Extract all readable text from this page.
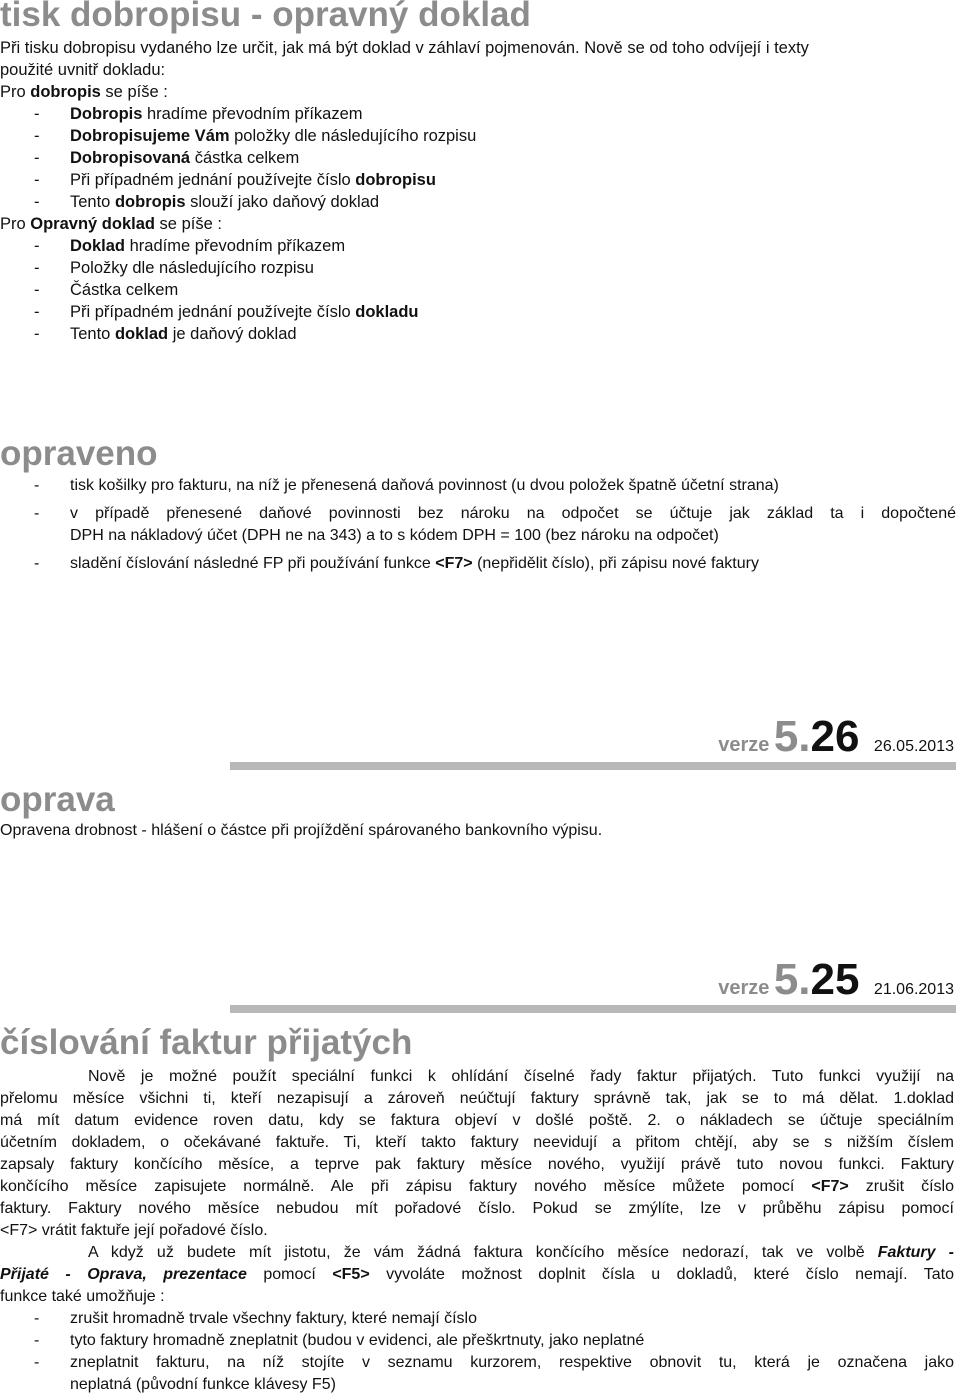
tisk dobropisu - opravný doklad
Při tisku dobropisu vydaného lze určit, jak má být doklad v záhlaví pojmenován. Nově se od toho odvíjejí i texty
použité uvnitř dokladu:
Pro dobropis se píše :
- Dobropis hradíme převodním příkazem
- Dobropisujeme Vám položky dle následujícího rozpisu
- Dobropisovaná částka celkem
- Při případném jednání používejte číslo dobropisu
- Tento dobropis slouží jako daňový doklad
Pro Opravný doklad se píše :
- Doklad hradíme převodním příkazem
- Položky dle následujícího rozpisu
- Částka celkem
- Při případném jednání používejte číslo dokladu
- Tento doklad je daňový doklad
opraveno
- tisk košilky pro fakturu, na níž je přenesená daňová povinnost (u dvou položek špatně účetní strana)
- v případě přenesené daňové povinnosti bez nároku na odpočet se účtuje jak základ ta i dopočtené
DPH na nákladový účet (DPH ne na 343) a to s kódem DPH = 100 (bez nároku na odpočet)
- sladění číslování následné FP při používání funkce <F7> (nepřidělit číslo), při zápisu nové faktury
verze 5.26 26.05.2013
oprava
Opravena drobnost - hlášení o částce při projíždění spárovaného bankovního výpisu.
verze 5.25 21.06.2013
číslování faktur přijatých
Nově je možné použít speciální funkci k ohlídání číselné řady faktur přijatých. Tuto funkci využijí na
přelomu měsíce všichni ti, kteří nezapisují a zároveň neúčtují faktury správně tak, jak se to má dělat. 1.doklad
má mít datum evidence roven datu, kdy se faktura objeví v došlé poště. 2. o nákladech se účtuje speciálním
účetním dokladem, o očekávané faktuře. Ti, kteří takto faktury neevidují a přitom chtějí, aby se s nižším číslem
zapsaly faktury končícího měsíce, a teprve pak faktury měsíce nového, využijí právě tuto novou funkci. Faktury
končícího měsíce zapisujete normálně. Ale při zápisu faktury nového měsíce můžete pomocí <F7> zrušit číslo
faktury. Faktury nového měsíce nebudou mít pořadové číslo. Pokud se zmýlíte, lze v průběhu zápisu pomocí
<F7> vrátit faktuře její pořadové číslo.
A když už budete mít jistotu, že vám žádná faktura končícího měsíce nedorazí, tak ve volbě Faktury -
Přijaté - Oprava, prezentace pomocí <F5> vyvoláte možnost doplnit čísla u dokladů, které číslo nemají. Tato
funkce také umožňuje :
- zrušit hromadně trvale všechny faktury, které nemají číslo
- tyto faktury hromadně zneplatnit (budou v evidenci, ale přeškrtnuty, jako neplatné
- zneplatnit fakturu, na níž stojíte v seznamu kurzorem, respektive obnovit tu, která je označena jako
neplatná (původní funkce klávesy F5)
